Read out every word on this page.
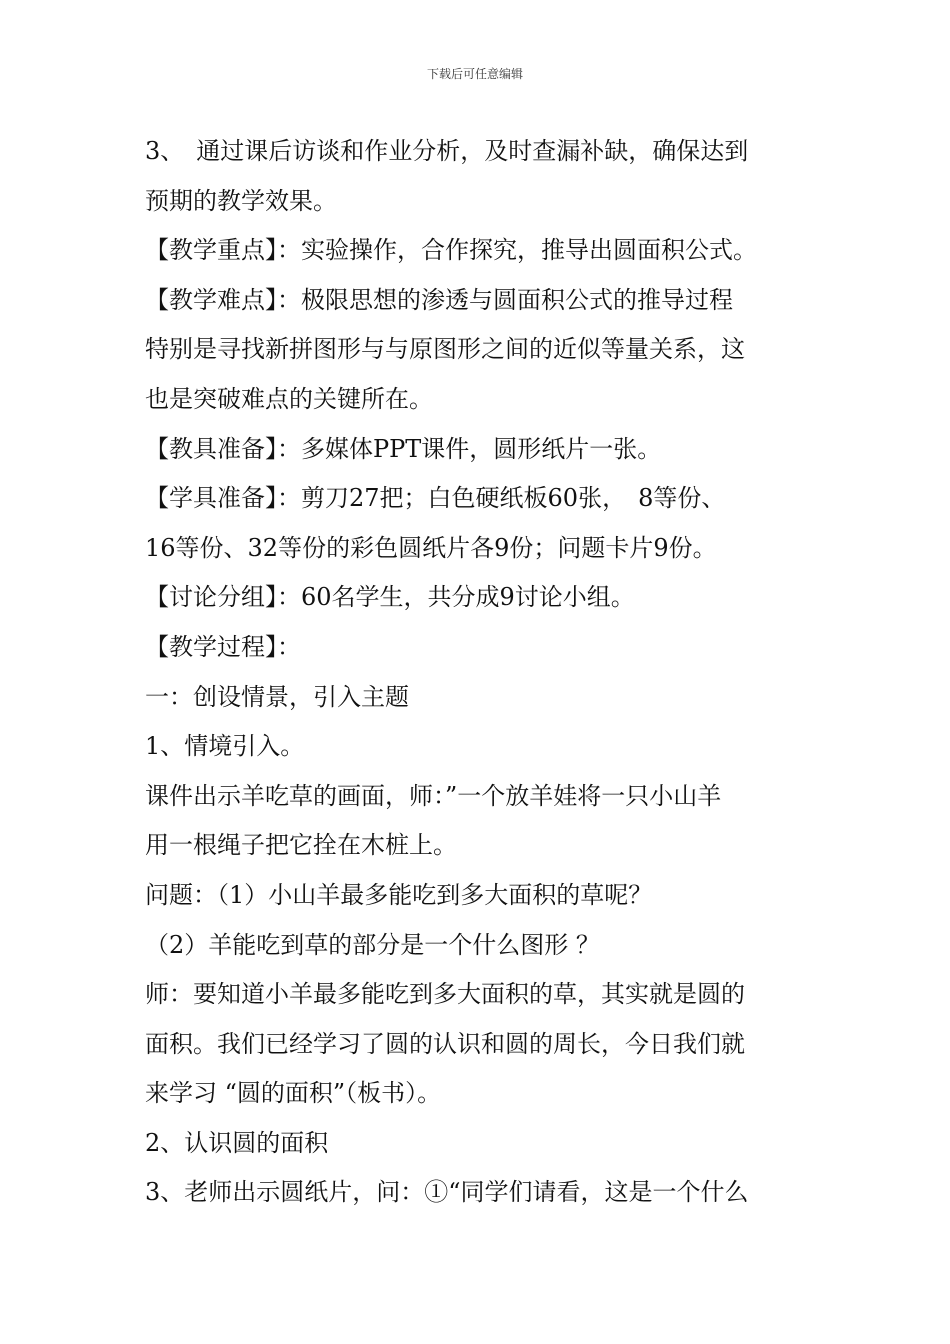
下载后可任意编辑
3、　通过课后访谈和作业分析，及时查漏补缺，确保达到
预期的教学效果。
【教学重点】：实验操作，合作探究，推导出圆面积公式。
【教学难点】：极限思想的渗透与圆面积公式的推导过程
特别是寻找新拼图形与与原图形之间的近似等量关系，这
也是突破难点的关键所在。
【教具准备】：多媒体PPT课件，圆形纸片一张。
【学具准备】：剪刀27把；白色硬纸板60张，　8等份、
16等份、32等份的彩色圆纸片各9份；问题卡片9份。
【讨论分组】：60名学生，共分成9讨论小组。
【教学过程】：
一：创设情景，引入主题
1、情境引入。
课件出示羊吃草的画面，师：”一个放羊娃将一只小山羊
用一根绳子把它拴在木桩上。
问题：（1）小山羊最多能吃到多大面积的草呢？
（2）羊能吃到草的部分是一个什么图形 ？
师：要知道小羊最多能吃到多大面积的草，其实就是圆的
面积。我们已经学习了圆的认识和圆的周长，今日我们就
来学习 “圆的面积”（板书）。
2、认识圆的面积
3、老师出示圆纸片，问：①“同学们请看，这是一个什么
